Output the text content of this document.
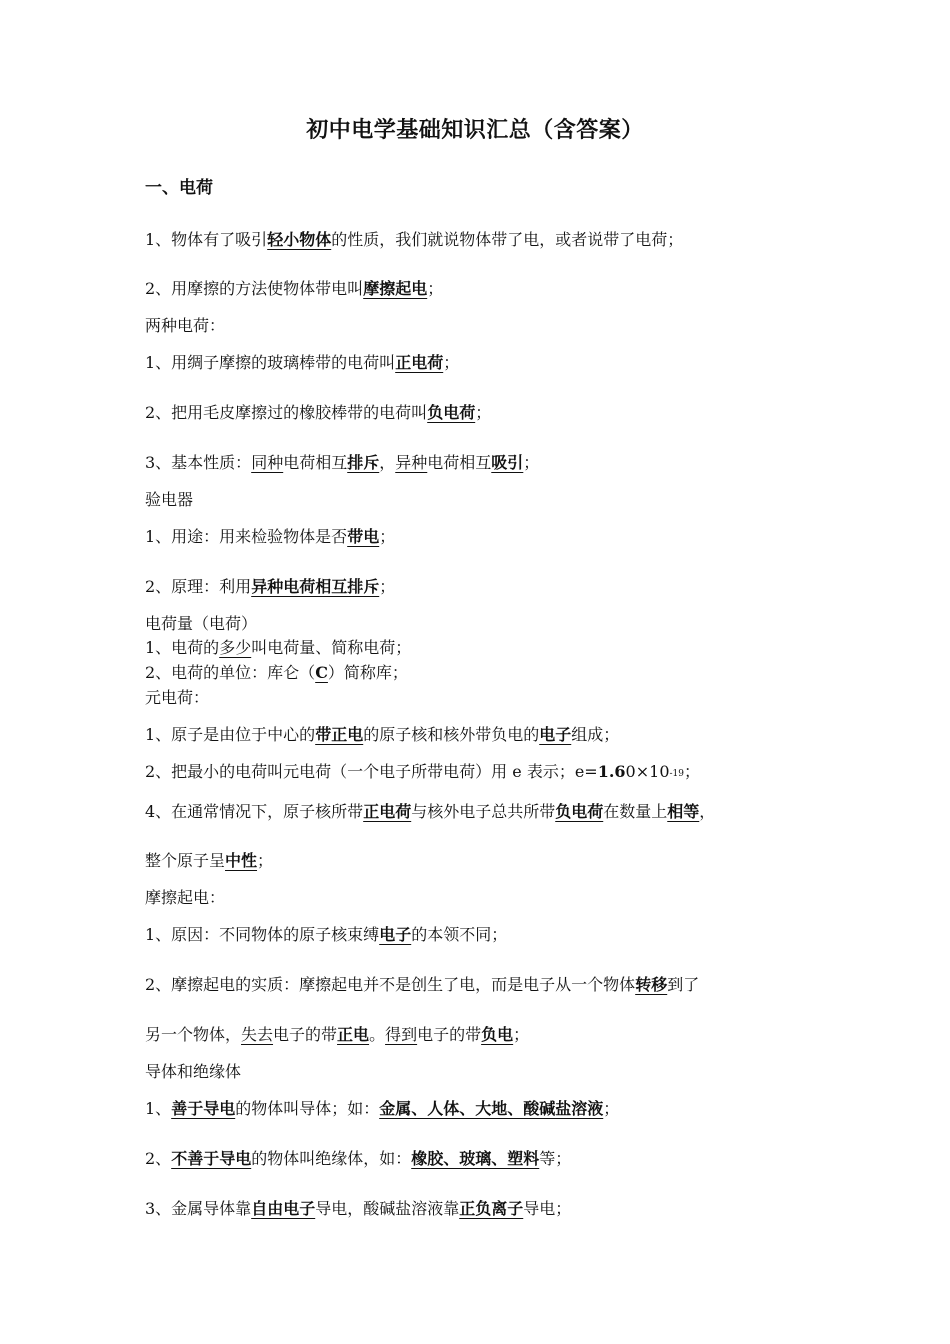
初中电学基础知识汇总（含答案）
一、电荷
1、物体有了吸引轻小物体的性质，我们就说物体带了电，或者说带了电荷；
2、用摩擦的方法使物体带电叫摩擦起电；
两种电荷：
1、用绸子摩擦的玻璃棒带的电荷叫正电荷；
2、把用毛皮摩擦过的橡胶棒带的电荷叫负电荷；
3、基本性质：同种电荷相互排斥，异种电荷相互吸引；
验电器
1、用途：用来检验物体是否带电；
2、原理：利用异种电荷相互排斥；
电荷量（电荷）
1、电荷的多少叫电荷量、简称电荷；
2、电荷的单位：库仑（C）简称库；
元电荷：
1、原子是由位于中心的带正电的原子核和核外带负电的电子组成；
2、把最小的电荷叫元电荷（一个电子所带电荷）用 e 表示；e=1.60×10-19；
4、在通常情况下，原子核所带正电荷与核外电子总共所带负电荷在数量上相等，
整个原子呈中性；
摩擦起电：
1、原因：不同物体的原子核束缚电子的本领不同；
2、摩擦起电的实质：摩擦起电并不是创生了电，而是电子从一个物体转移到了
另一个物体，失去电子的带正电。得到电子的带负电；
导体和绝缘体
1、善于导电的物体叫导体；如：金属、人体、大地、酸碱盐溶液；
2、不善于导电的物体叫绝缘体，如：橡胶、玻璃、塑料等；
3、金属导体靠自由电子导电，酸碱盐溶液靠正负离子导电；
